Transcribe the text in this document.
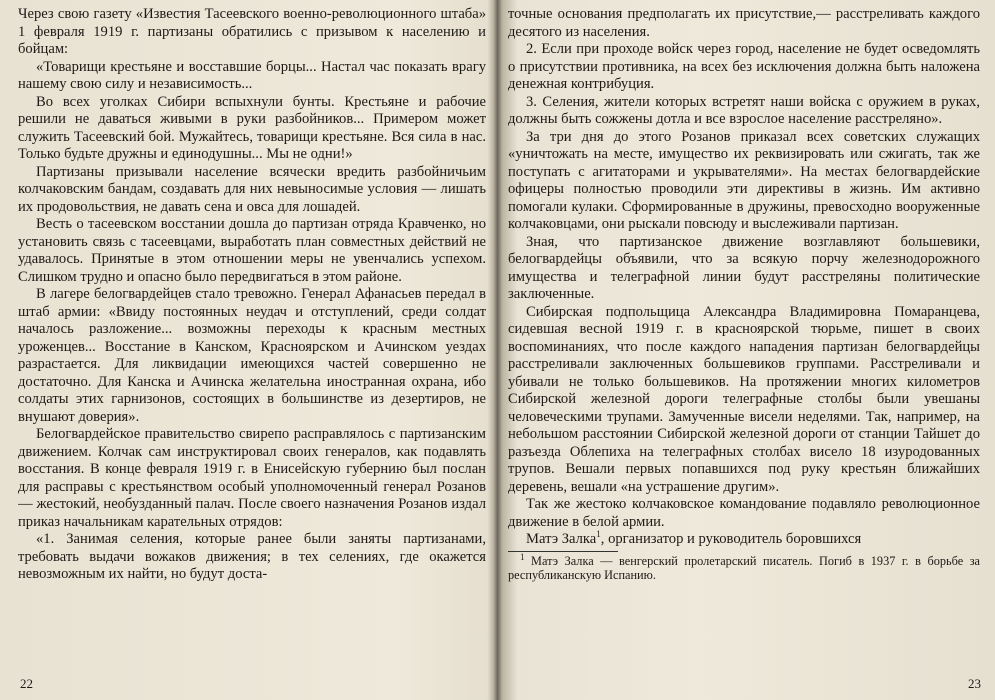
Через свою газету «Известия Тасеевского военно-революционного штаба» 1 февраля 1919 г. партизаны обратились с призывом к населению и бойцам:

«Товарищи крестьяне и восставшие борцы... Настал час показать врагу нашему свою силу и независимость...

Во всех уголках Сибири вспыхнули бунты. Крестьяне и рабочие решили не даваться живыми в руки разбойников... Примером может служить Тасеевский бой. Мужайтесь, товарищи крестьяне. Вся сила в нас. Только будьте дружны и единодушны... Мы не одни!»

Партизаны призывали население всячески вредить разбойничьим колчаковским бандам, создавать для них невыносимые условия — лишать их продовольствия, не давать сена и овса для лошадей.

Весть о тасеевском восстании дошла до партизан отряда Кравченко, но установить связь с тасеевцами, выработать план совместных действий не удавалось. Принятые в этом отношении меры не увенчались успехом. Слишком трудно и опасно было передвигаться в этом районе.

В лагере белогвардейцев стало тревожно. Генерал Афанасьев передал в штаб армии: «Ввиду постоянных неудач и отступлений, среди солдат началось разложение... возможны переходы к красным местных уроженцев... Восстание в Канском, Красноярском и Ачинском уездах разрастается. Для ликвидации имеющихся частей совершенно не достаточно. Для Канска и Ачинска желательна иностранная охрана, ибо солдаты этих гарнизонов, состоящих в большинстве из дезертиров, не внушают доверия».

Белогвардейское правительство свирепо расправлялось с партизанским движением. Колчак сам инструктировал своих генералов, как подавлять восстания. В конце февраля 1919 г. в Енисейскую губернию был послан для расправы с крестьянством особый уполномоченный генерал Розанов — жестокий, необузданный палач. После своего назначения Розанов издал приказ начальникам карательных отрядов:

«1. Занимая селения, которые ранее были заняты партизанами, требовать выдачи вожаков движения; в тех селениях, где окажется невозможным их найти, но будут доста-

22

точные основания предполагать их присутствие,— расстреливать каждого десятого из населения.

2. Если при проходе войск через город, население не будет осведомлять о присутствии противника, на всех без исключения должна быть наложена денежная контрибуция.

3. Селения, жители которых встретят наши войска с оружием в руках, должны быть сожжены дотла и все взрослое население расстреляно».

За три дня до этого Розанов приказал всех советских служащих «уничтожать на месте, имущество их реквизировать или сжигать, так же поступать с агитаторами и укрывателями». На местах белогвардейские офицеры полностью проводили эти директивы в жизнь. Им активно помогали кулаки. Сформированные в дружины, превосходно вооруженные колчаковцами, они рыскали повсюду и выслеживали партизан.

Зная, что партизанское движение возглавляют большевики, белогвардейцы объявили, что за всякую порчу железнодорожного имущества и телеграфной линии будут расстреляны политические заключенные.

Сибирская подпольщица Александра Владимировна Помаранцева, сидевшая весной 1919 г. в красноярской тюрьме, пишет в своих воспоминаниях, что после каждого нападения партизан белогвардейцы расстреливали заключенных большевиков группами. Расстреливали и убивали не только большевиков. На протяжении многих километров Сибирской железной дороги телеграфные столбы были увешаны человеческими трупами. Замученные висели неделями. Так, например, на небольшом расстоянии Сибирской железной дороги от станции Тайшет до разъезда Облепиха на телеграфных столбах висело 18 изуродованных трупов. Вешали первых попавшихся под руку крестьян ближайших деревень, вешали «на устрашение другим».

Так же жестоко колчаковское командование подавляло революционное движение в белой армии.

Матэ Залка$^1$, организатор и руководитель боровшихся

$^1$ Матэ Залка — венгерский пролетарский писатель. Погиб в 1937 г. в борьбе за республиканскую Испанию.
23
